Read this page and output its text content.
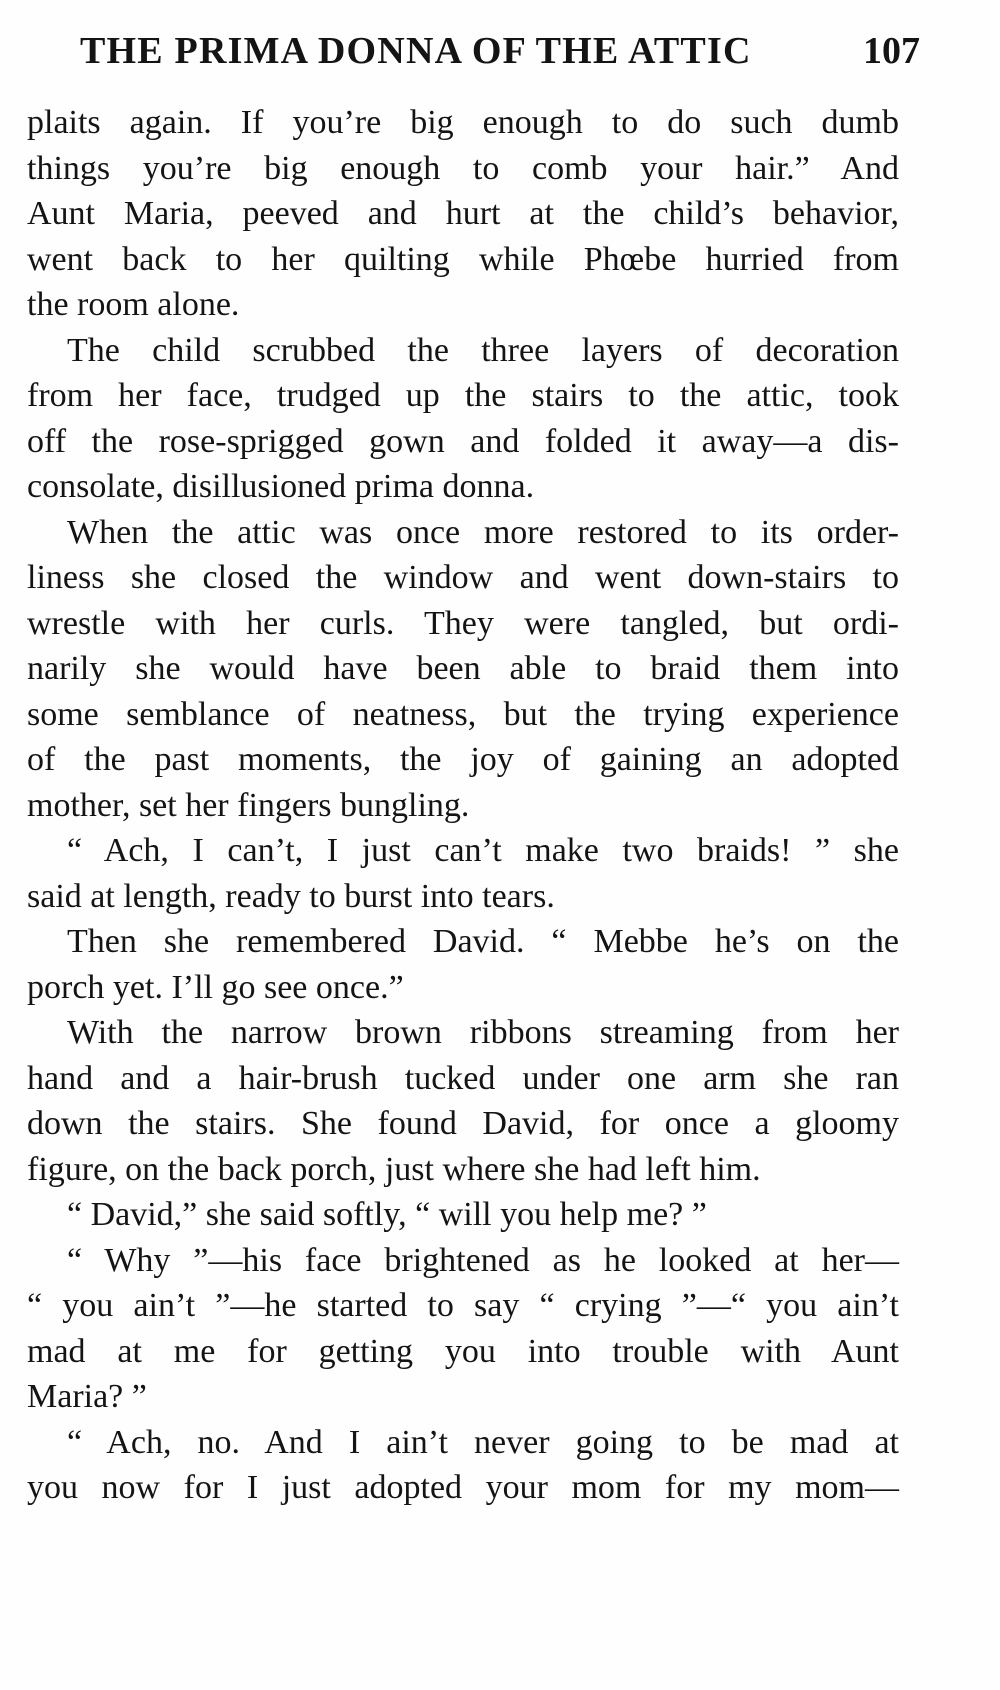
THE PRIMA DONNA OF THE ATTIC	107
plaits again. If you’re big enough to do such dumb
things you’re big enough to comb your hair.” And
Aunt Maria, peeved and hurt at the child’s behavior,
went back to her quilting while Phœbe hurried from
the room alone.
The child scrubbed the three layers of decoration
from her face, trudged up the stairs to the attic, took
off the rose-sprigged gown and folded it away—a dis-
consolate, disillusioned prima donna.
When the attic was once more restored to its order-
liness she closed the window and went down-stairs to
wrestle with her curls. They were tangled, but ordi-
narily she would have been able to braid them into
some semblance of neatness, but the trying experience
of the past moments, the joy of gaining an adopted
mother, set her fingers bungling.
“ Ach, I can’t, I just can’t make two braids! ” she
said at length, ready to burst into tears.
Then she remembered David. “ Mebbe he’s on the
porch yet. I’ll go see once.”
With the narrow brown ribbons streaming from her
hand and a hair-brush tucked under one arm she ran
down the stairs. She found David, for once a gloomy
figure, on the back porch, just where she had left him.
“ David,” she said softly, “ will you help me? ”
“ Why ”—his face brightened as he looked at her—
“ you ain’t ”—he started to say “ crying ”—“ you ain’t
mad at me for getting you into trouble with Aunt
Maria? ”
“ Ach, no. And I ain’t never going to be mad at
you now for I just adopted your mom for my mom—
